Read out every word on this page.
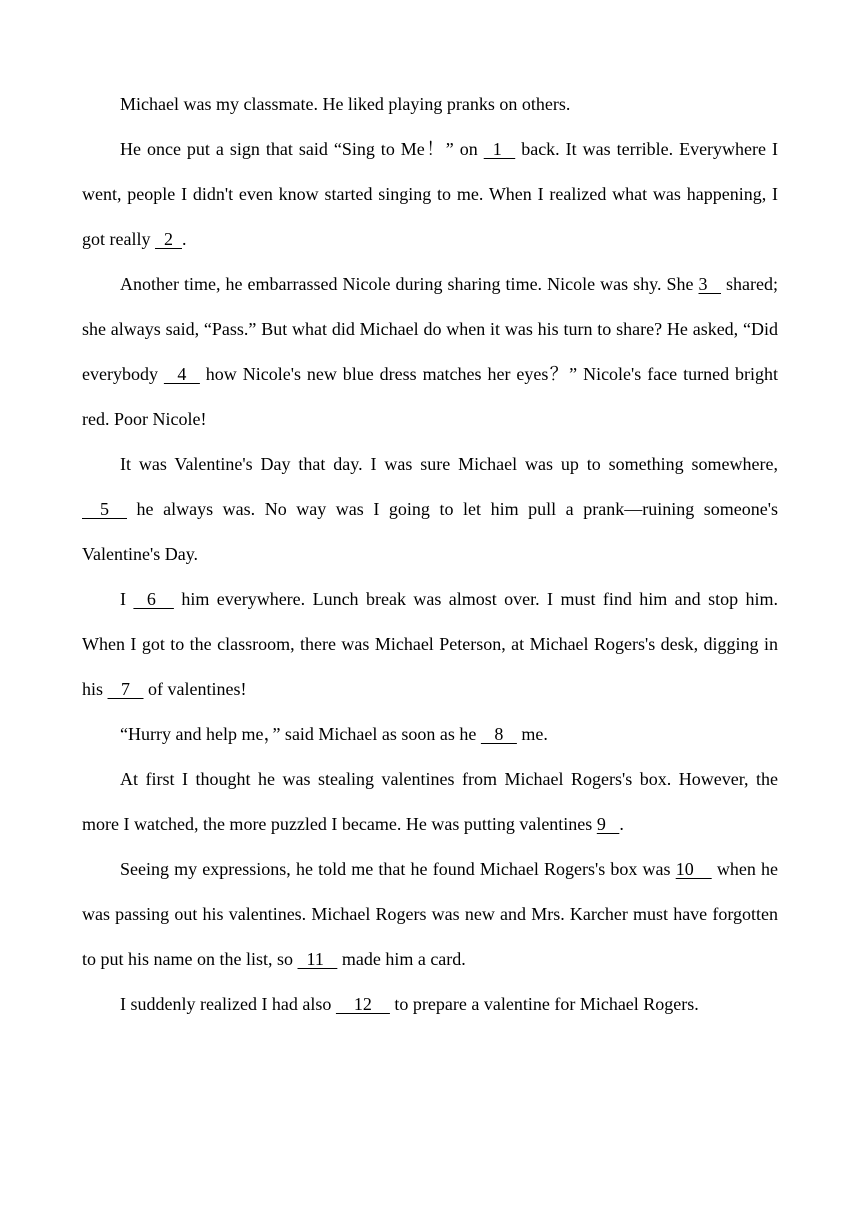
Michael was my classmate. He liked playing pranks on others.

He once put a sign that said “Sing to Me！” on   1    back. It was terrible. Everywhere I went, people I didn't even know started singing to me. When I realized what was happening, I got really   2  .

Another time, he embarrassed Nicole during sharing time. Nicole was shy. She 3    shared; she always said, “Pass.” But what did Michael do when it was his turn to share? He asked, “Did everybody    4    how Nicole's new blue dress matches her eyes？” Nicole's face turned bright red. Poor Nicole!

It was Valentine's Day that day. I was sure Michael was up to something somewhere,     5     he always was. No way was I going to let him pull a prank—ruining someone's Valentine's Day.

I    6     him everywhere. Lunch break was almost over. I must find him and stop him. When I got to the classroom, there was Michael Peterson, at Michael Rogers's desk, digging in his    7    of valentines!

“Hurry and help me，” said Michael as soon as he    8    me.

At first I thought he was stealing valentines from Michael Rogers's box. However, the more I watched, the more puzzled I became. He was putting valentines 9   .

Seeing my expressions, he told me that he found Michael Rogers's box was 10     when he was passing out his valentines. Michael Rogers was new and Mrs. Karcher must have forgotten to put his name on the list, so   11    made him a card.

I suddenly realized I had also     12     to prepare a valentine for Michael Rogers.
